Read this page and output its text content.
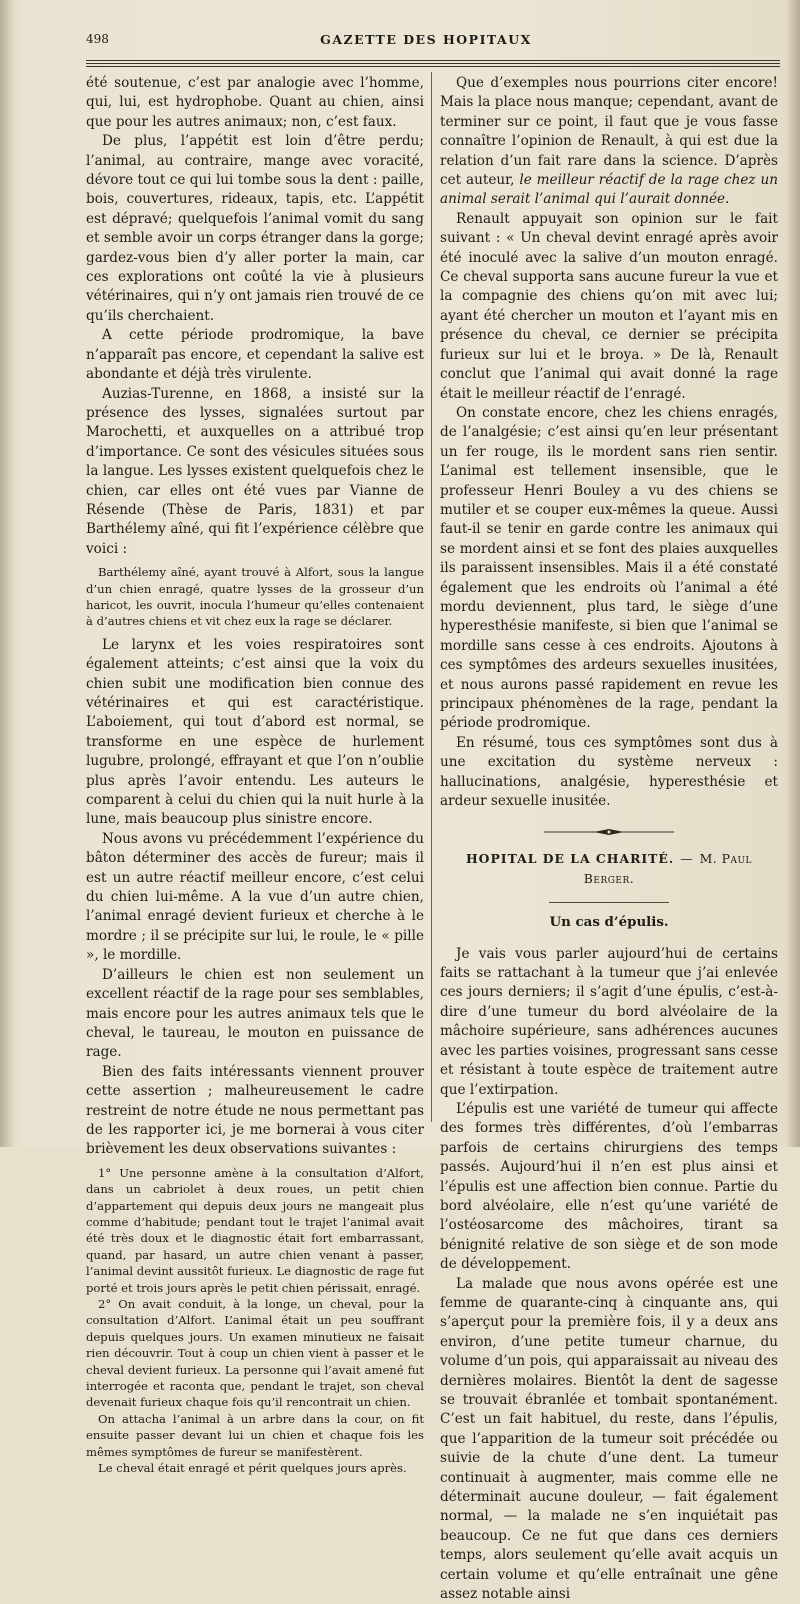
498	GAZETTE DES HOPITAUX

été soutenue, c’est par analogie avec l’homme, qui, lui, est hydrophobe. Quant au chien, ainsi que pour les autres animaux; non, c’est faux.

De plus, l’appétit est loin d’être perdu; l’animal, au contraire, mange avec voracité, dévore tout ce qui lui tombe sous la dent : paille, bois, couvertures, rideaux, tapis, etc. L’appétit est dépravé; quelquefois l’animal vomit du sang et semble avoir un corps étranger dans la gorge; gardez-vous bien d’y aller porter la main, car ces explorations ont coûté la vie à plusieurs vétérinaires, qui n’y ont jamais rien trouvé de ce qu’ils cherchaient.

A cette période prodromique, la bave n’apparaît pas encore, et cependant la salive est abondante et déjà très virulente.

Auzias-Turenne, en 1868, a insisté sur la présence des lysses, signalées surtout par Marochetti, et auxquelles on a attribué trop d’importance. Ce sont des vésicules situées sous la langue. Les lysses existent quelquefois chez le chien, car elles ont été vues par Vianne de Résende (Thèse de Paris, 1831) et par Barthélemy aîné, qui fit l’expérience célèbre que voici :

Barthélemy aîné, ayant trouvé à Alfort, sous la langue d’un chien enragé, quatre lysses de la grosseur d’un haricot, les ouvrit, inocula l’humeur qu’elles contenaient à d’autres chiens et vit chez eux la rage se déclarer.

Le larynx et les voies respiratoires sont également atteints; c’est ainsi que la voix du chien subit une modification bien connue des vétérinaires et qui est caractéristique. L’aboiement, qui tout d’abord est normal, se transforme en une espèce de hurlement lugubre, prolongé, effrayant et que l’on n’oublie plus après l’avoir entendu. Les auteurs le comparent à celui du chien qui la nuit hurle à la lune, mais beaucoup plus sinistre encore.

Nous avons vu précédemment l’expérience du bâton déterminer des accès de fureur; mais il est un autre réactif meilleur encore, c’est celui du chien lui-même. A la vue d’un autre chien, l’animal enragé devient furieux et cherche à le mordre ; il se précipite sur lui, le roule, le « pille », le mordille.

D’ailleurs le chien est non seulement un excellent réactif de la rage pour ses semblables, mais encore pour les autres animaux tels que le cheval, le taureau, le mouton en puissance de rage.

Bien des faits intéressants viennent prouver cette assertion ; malheureusement le cadre restreint de notre étude ne nous permettant pas de les rapporter ici, je me bornerai à vous citer brièvement les deux observations suivantes :

1° Une personne amène à la consultation d’Alfort, dans un cabriolet à deux roues, un petit chien d’appartement qui depuis deux jours ne mangeait plus comme d’habitude; pendant tout le trajet l’animal avait été très doux et le diagnostic était fort embarrassant, quand, par hasard, un autre chien venant à passer, l’animal devint aussitôt furieux. Le diagnostic de rage fut porté et trois jours après le petit chien périssait, enragé.

2° On avait conduit, à la longe, un cheval, pour la consultation d’Alfort. L’animal était un peu souffrant depuis quelques jours. Un examen minutieux ne faisait rien découvrir. Tout à coup un chien vient à passer et le cheval devient furieux. La personne qui l’avait amené fut interrogée et raconta que, pendant le trajet, son cheval devenait furieux chaque fois qu’il rencontrait un chien.

On attacha l’animal à un arbre dans la cour, on fit ensuite passer devant lui un chien et chaque fois les mêmes symptômes de fureur se manifestèrent.

Le cheval était enragé et périt quelques jours après.

Que d’exemples nous pourrions citer encore! Mais la place nous manque; cependant, avant de terminer sur ce point, il faut que je vous fasse connaître l’opinion de Renault, à qui est due la relation d’un fait rare dans la science. D’après cet auteur, le meilleur réactif de la rage chez un animal serait l’animal qui l’aurait donnée.

Renault appuyait son opinion sur le fait suivant : « Un cheval devint enragé après avoir été inoculé avec la salive d’un mouton enragé. Ce cheval supporta sans aucune fureur la vue et la compagnie des chiens qu’on mit avec lui; ayant été chercher un mouton et l’ayant mis en présence du cheval, ce dernier se précipita furieux sur lui et le broya. » De là, Renault conclut que l’animal qui avait donné la rage était le meilleur réactif de l’enragé.

On constate encore, chez les chiens enragés, de l’analgésie; c’est ainsi qu’en leur présentant un fer rouge, ils le mordent sans rien sentir. L’animal est tellement insensible, que le professeur Henri Bouley a vu des chiens se mutiler et se couper eux-mêmes la queue. Aussi faut-il se tenir en garde contre les animaux qui se mordent ainsi et se font des plaies auxquelles ils paraissent insensibles. Mais il a été constaté également que les endroits où l’animal a été mordu deviennent, plus tard, le siège d’une hyperesthésie manifeste, si bien que l’animal se mordille sans cesse à ces endroits. Ajoutons à ces symptômes des ardeurs sexuelles inusitées, et nous aurons passé rapidement en revue les principaux phénomènes de la rage, pendant la période prodromique.

En résumé, tous ces symptômes sont dus à une excitation du système nerveux : hallucinations, analgésie, hyperesthésie et ardeur sexuelle inusitée.

HOPITAL DE LA CHARITÉ. — M. Paul Berger.
Un cas d’épulis.

Je vais vous parler aujourd’hui de certains faits se rattachant à la tumeur que j’ai enlevée ces jours derniers; il s’agit d’une épulis, c’est-à-dire d’une tumeur du bord alvéolaire de la mâchoire supérieure, sans adhérences aucunes avec les parties voisines, progressant sans cesse et résistant à toute espèce de traitement autre que l’extirpation.

L’épulis est une variété de tumeur qui affecte des formes très différentes, d’où l’embarras parfois de certains chirurgiens des temps passés. Aujourd’hui il n’en est plus ainsi et l’épulis est une affection bien connue. Partie du bord alvéolaire, elle n’est qu’une variété de l’ostéosarcome des mâchoires, tirant sa bénignité relative de son siège et de son mode de développement.

La malade que nous avons opérée est une femme de quarante-cinq à cinquante ans, qui s’aperçut pour la première fois, il y a deux ans environ, d’une petite tumeur charnue, du volume d’un pois, qui apparaissait au niveau des dernières molaires. Bientôt la dent de sagesse se trouvait ébranlée et tombait spontanément. C’est un fait habituel, du reste, dans l’épulis, que l’apparition de la tumeur soit précédée ou suivie de la chute d’une dent. La tumeur continuait à augmenter, mais comme elle ne déterminait aucune douleur, — fait également normal, — la malade ne s’en inquiétait pas beaucoup. Ce ne fut que dans ces derniers temps, alors seulement qu’elle avait acquis un certain volume et qu’elle entraînait une gêne assez notable ainsi
